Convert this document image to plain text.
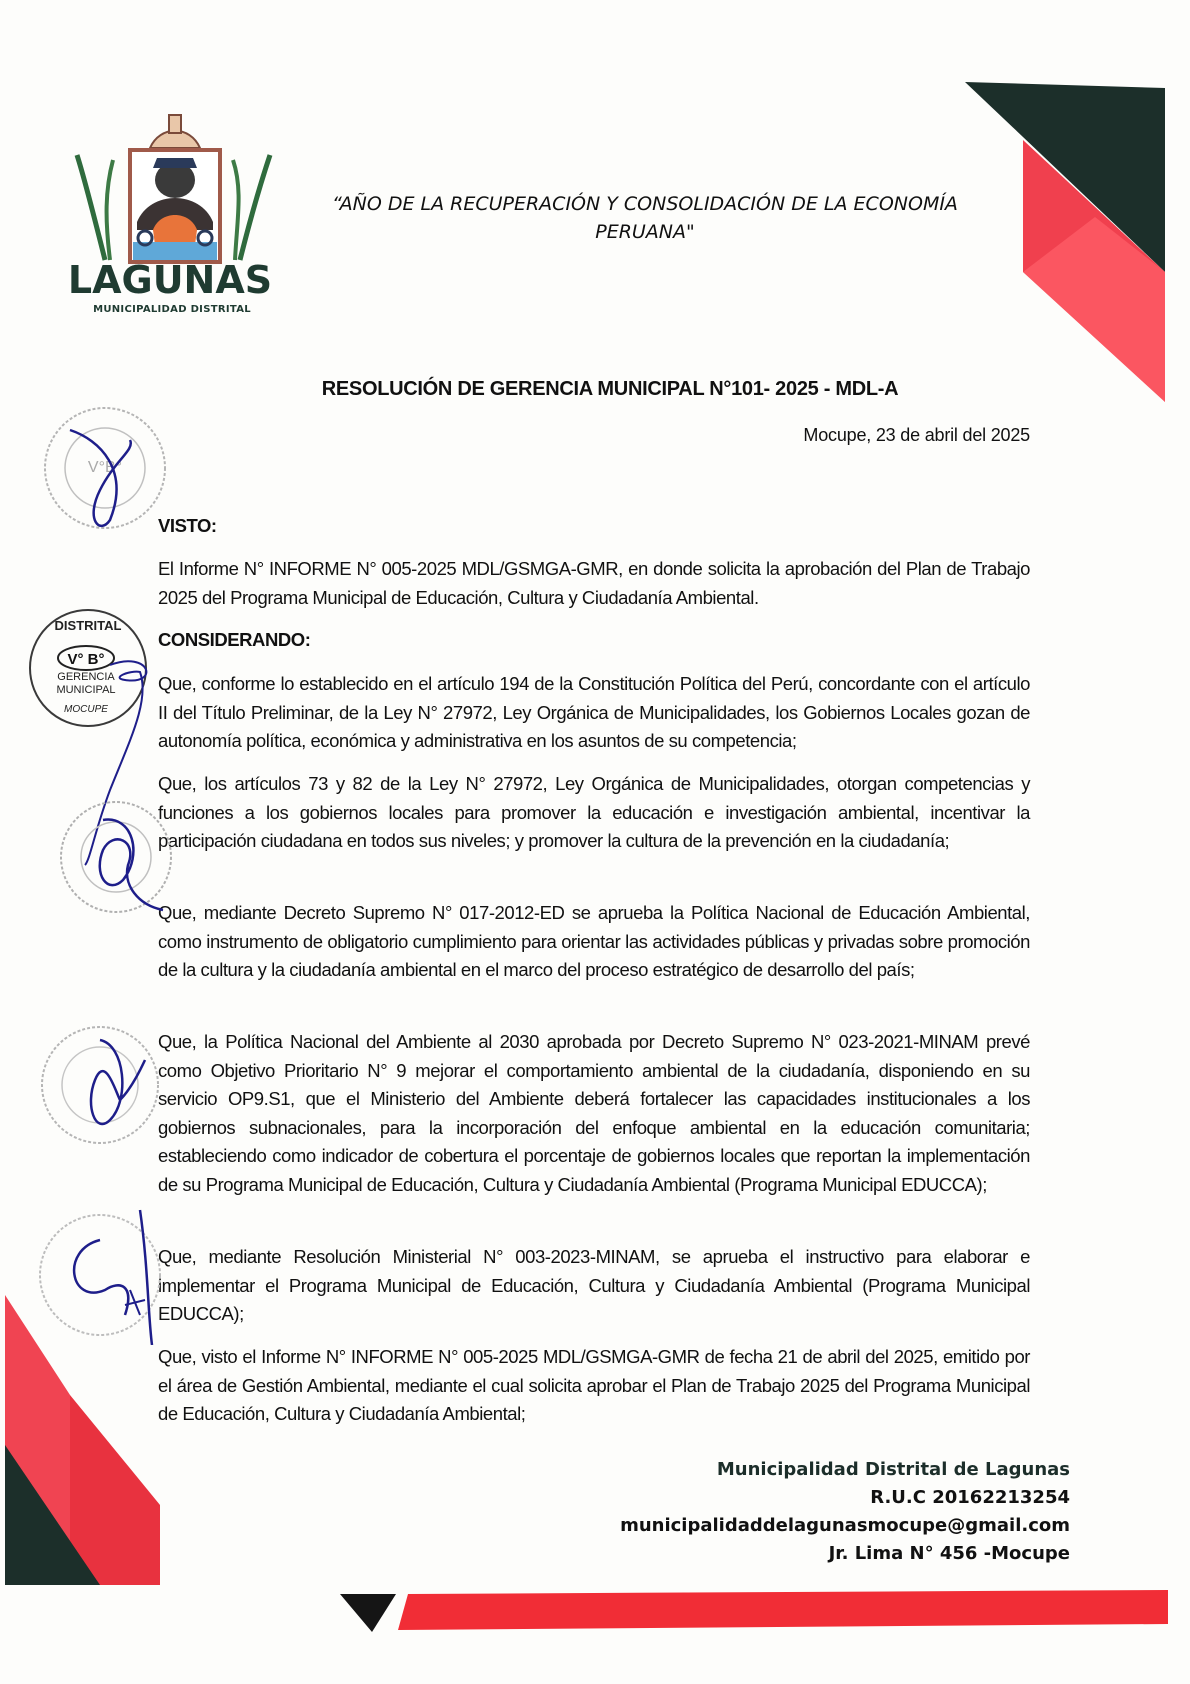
LAGUNAS
MUNICIPALIDAD DISTRITAL
“AÑO DE LA RECUPERACIÓN Y CONSOLIDACIÓN DE LA ECONOMÍA
PERUANA"
RESOLUCIÓN DE GERENCIA MUNICIPAL N°101- 2025 - MDL-A
Mocupe, 23 de abril del 2025
VISTO:
El Informe N° INFORME N° 005-2025 MDL/GSMGA-GMR, en donde solicita la aprobación del Plan de Trabajo 2025 del Programa Municipal de Educación, Cultura y Ciudadanía Ambiental.
CONSIDERANDO:
Que, conforme lo establecido en el artículo 194 de la Constitución Política del Perú, concordante con el artículo II del Título Preliminar, de la Ley N° 27972, Ley Orgánica de Municipalidades, los Gobiernos Locales gozan de autonomía política, económica y administrativa en los asuntos de su competencia;
Que, los artículos 73 y 82 de la Ley N° 27972, Ley Orgánica de Municipalidades, otorgan competencias y funciones a los gobiernos locales para promover la educación e investigación ambiental, incentivar la participación ciudadana en todos sus niveles; y promover la cultura de la prevención en la ciudadanía;
Que, mediante Decreto Supremo N° 017-2012-ED se aprueba la Política Nacional de Educación Ambiental, como instrumento de obligatorio cumplimiento para orientar las actividades públicas y privadas sobre promoción de la cultura y la ciudadanía ambiental en el marco del proceso estratégico de desarrollo del país;
Que, la Política Nacional del Ambiente al 2030 aprobada por Decreto Supremo N° 023-2021-MINAM prevé como Objetivo Prioritario N° 9 mejorar el comportamiento ambiental de la ciudadanía, disponiendo en su servicio OP9.S1, que el Ministerio del Ambiente deberá fortalecer las capacidades institucionales a los gobiernos subnacionales, para la incorporación del enfoque ambiental en la educación comunitaria; estableciendo como indicador de cobertura el porcentaje de gobiernos locales que reportan la implementación de su Programa Municipal de Educación, Cultura y Ciudadanía Ambiental (Programa Municipal EDUCCA);
Que, mediante Resolución Ministerial N° 003-2023-MINAM, se aprueba el instructivo para elaborar e implementar el Programa Municipal de Educación, Cultura y Ciudadanía Ambiental (Programa Municipal EDUCCA);
Que, visto el Informe N° INFORME N° 005-2025 MDL/GSMGA-GMR de fecha 21 de abril del 2025, emitido por el área de Gestión Ambiental, mediante el cual solicita aprobar el Plan de Trabajo 2025 del Programa Municipal de Educación, Cultura y Ciudadanía Ambiental;
V°B°
DISTRITAL
V° B°
GERENCIA
MUNICIPAL
MOCUPE
Municipalidad Distrital de Lagunas
R.U.C 20162213254
municipalidaddelagunasmocupe@gmail.com
Jr. Lima N° 456 -Mocupe
